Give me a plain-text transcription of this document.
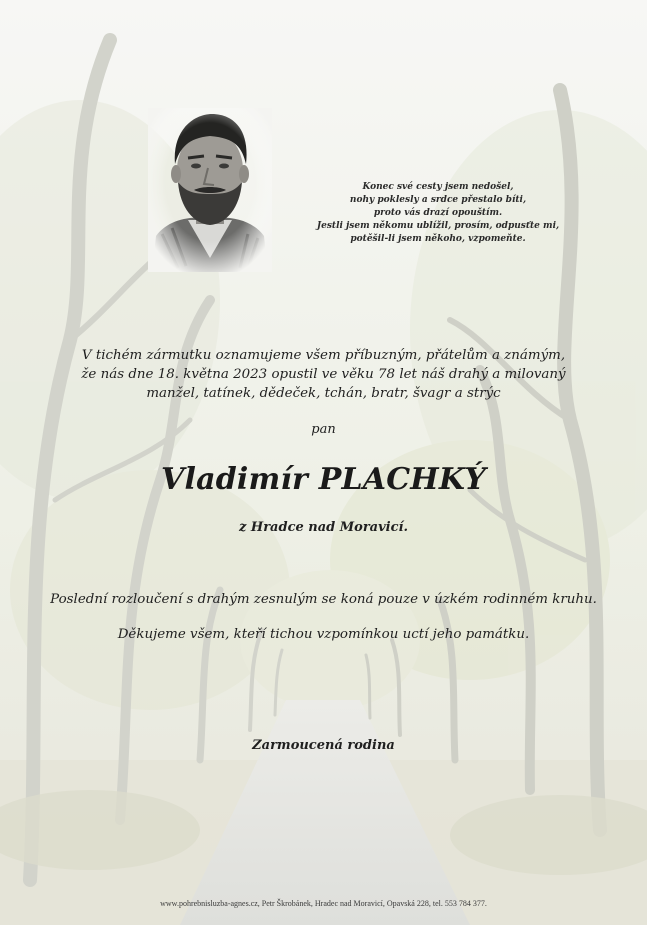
Konec své cesty jsem nedošel,
nohy poklesly a srdce přestalo bíti,
proto vás drazí opouštím.
Jestli jsem někomu ublížil, prosím, odpusťte mi,
potěšil-li jsem někoho, vzpomeňte.
V tichém zármutku oznamujeme všem příbuzným, přátelům a známým,
že nás dne 18. května 2023 opustil ve věku 78 let náš drahý a milovaný
manžel, tatínek, dědeček, tchán, bratr, švagr a strýc
pan
Vladimír PLACHKÝ
z Hradce nad Moravicí.
Poslední rozloučení s drahým zesnulým se koná pouze v úzkém rodinném kruhu.
Děkujeme všem, kteří tichou vzpomínkou uctí jeho památku.
Zarmoucená rodina
www.pohrebnisluzba-agnes.cz, Petr Škrobánek, Hradec nad Moravicí, Opavská 228, tel. 553 784 377.
